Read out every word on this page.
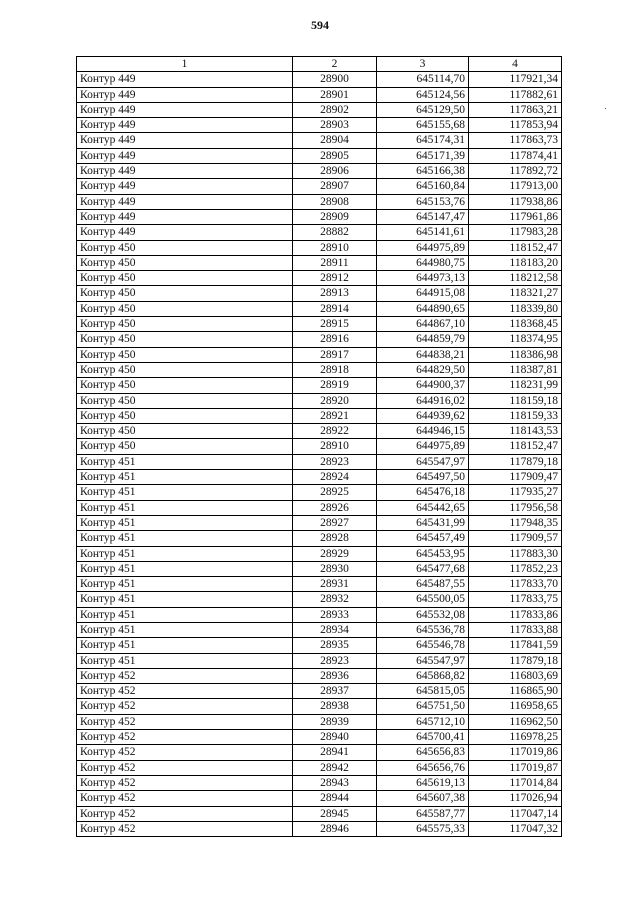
594
1	2	3	4
Контур 449	28900	645114,70	117921,34
Контур 449	28901	645124,56	117882,61
Контур 449	28902	645129,50	117863,21
Контур 449	28903	645155,68	117853,94
Контур 449	28904	645174,31	117863,73
Контур 449	28905	645171,39	117874,41
Контур 449	28906	645166,38	117892,72
Контур 449	28907	645160,84	117913,00
Контур 449	28908	645153,76	117938,86
Контур 449	28909	645147,47	117961,86
Контур 449	28882	645141,61	117983,28
Контур 450	28910	644975,89	118152,47
Контур 450	28911	644980,75	118183,20
Контур 450	28912	644973,13	118212,58
Контур 450	28913	644915,08	118321,27
Контур 450	28914	644890,65	118339,80
Контур 450	28915	644867,10	118368,45
Контур 450	28916	644859,79	118374,95
Контур 450	28917	644838,21	118386,98
Контур 450	28918	644829,50	118387,81
Контур 450	28919	644900,37	118231,99
Контур 450	28920	644916,02	118159,18
Контур 450	28921	644939,62	118159,33
Контур 450	28922	644946,15	118143,53
Контур 450	28910	644975,89	118152,47
Контур 451	28923	645547,97	117879,18
Контур 451	28924	645497,50	117909,47
Контур 451	28925	645476,18	117935,27
Контур 451	28926	645442,65	117956,58
Контур 451	28927	645431,99	117948,35
Контур 451	28928	645457,49	117909,57
Контур 451	28929	645453,95	117883,30
Контур 451	28930	645477,68	117852,23
Контур 451	28931	645487,55	117833,70
Контур 451	28932	645500,05	117833,75
Контур 451	28933	645532,08	117833,86
Контур 451	28934	645536,78	117833,88
Контур 451	28935	645546,78	117841,59
Контур 451	28923	645547,97	117879,18
Контур 452	28936	645868,82	116803,69
Контур 452	28937	645815,05	116865,90
Контур 452	28938	645751,50	116958,65
Контур 452	28939	645712,10	116962,50
Контур 452	28940	645700,41	116978,25
Контур 452	28941	645656,83	117019,86
Контур 452	28942	645656,76	117019,87
Контур 452	28943	645619,13	117014,84
Контур 452	28944	645607,38	117026,94
Контур 452	28945	645587,77	117047,14
Контур 452	28946	645575,33	117047,32
